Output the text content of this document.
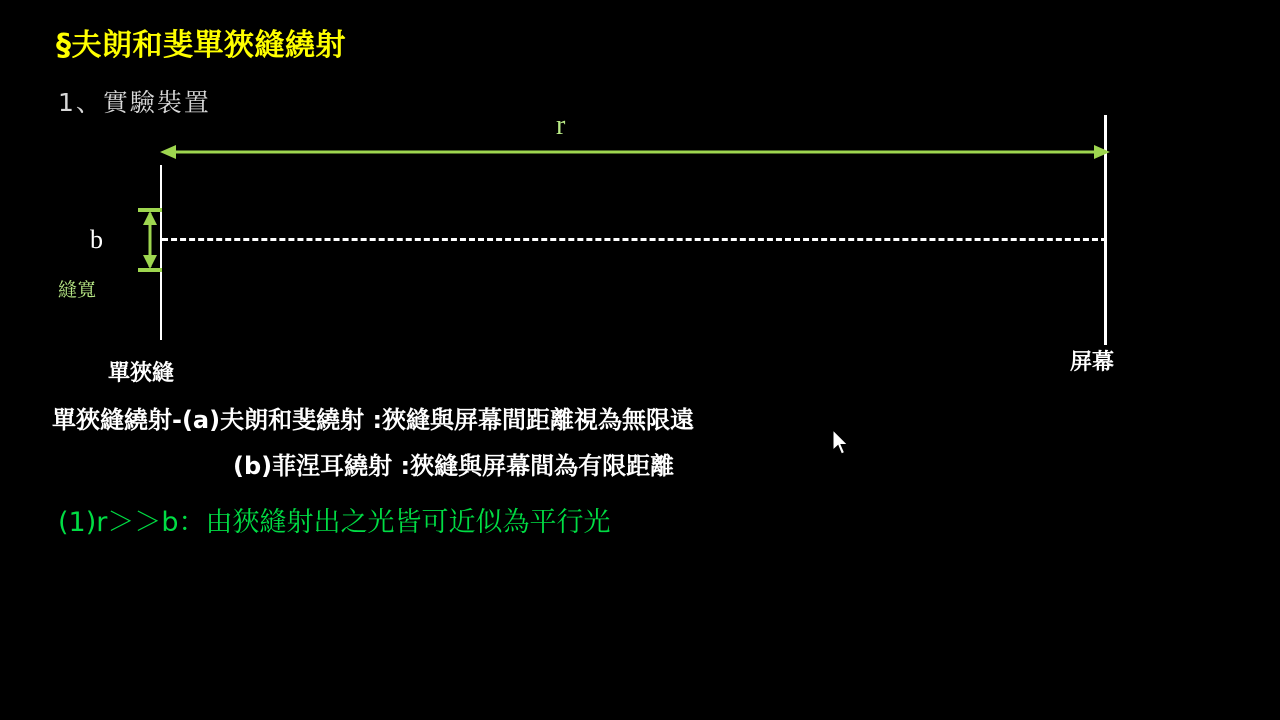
§夫朗和斐單狹縫繞射
1、實驗裝置
r
b
縫寬
單狹縫	屏幕
單狹縫繞射-(a)夫朗和斐繞射 :狹縫與屏幕間距離視為無限遠
(b)菲涅耳繞射 :狹縫與屏幕間為有限距離
(1)r＞＞b：由狹縫射出之光皆可近似為平行光
